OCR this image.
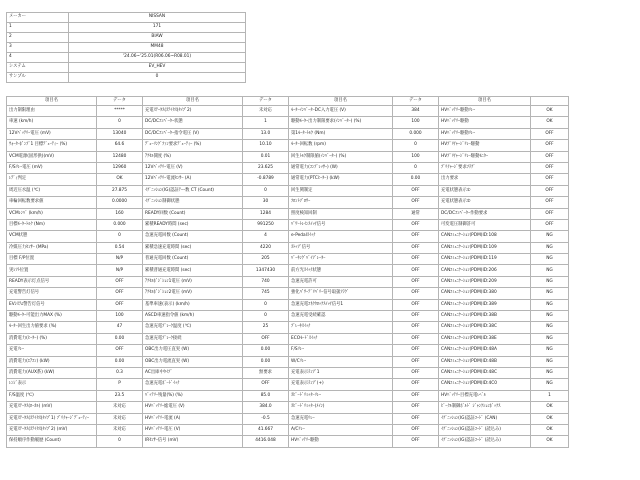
メーカー	NISSAN
1	171
2	BIAW
3	MM48
4	'24.06~'25.01(R06.06~R08.01)
システム	EV_HEV
サンプル	0
項目名	データ	項目名	データ	項目名	データ	項目名	
出力制限理由	*****	充電ｽﾃｰﾀｽ(ｽﾃｲﾀｽ(ﾀｲﾌﾟ2)	未対応	ﾓｰﾀｰｲﾝﾊﾞｰﾀｰDC入力電圧 (V)	384	HVﾊﾞｯﾃﾘｰ駆動ﾘﾚｰ	OK
車速 (km/h)	0	DC/DCｺﾝﾊﾞｰﾀｰ状態	1	駆動ﾓｰﾀｰ出力制限要求(ｲﾝﾊﾞｰﾀｰ) (%)	100	HVﾊﾞｯﾃﾘｰ駆動	OK
12Vﾊﾞｯﾃﾘｰ電圧 (mV)	13040	DC/DCｺﾝﾊﾞｰﾀｰ指令電圧 (V)	13.0	第1ﾓｰﾀｰﾄﾙｸ (Nm)	0.000	HVﾊﾞｯﾃﾘｰ駆動ﾘﾚｰ	OFF
ｳｫｰﾀｰﾎﾟﾝﾌﾟ1 目標ﾃﾞｭｰﾃｨｰ (%)	64.6	ﾃﾞｭｰﾘﾝｸﾞﾌｧﾝ要求ﾃﾞｭｰﾃｨｰ (%)	10.10	ﾓｰﾀｰ回転数 (rpm)	0	HVﾌﾟﾘﾁｬｰｼﾞﾘﾚｰ駆動	OFF
VCM電源(固形供)(mV)	12480	ｱｸｾﾙ開度 (%)	0.01	回生ﾄﾙｸ制限値(ｲﾝﾊﾞｰﾀｰ) (%)	100	HVﾌﾟﾘﾁｬｰｼﾞﾘﾚｰ駆動ﾓﾆﾀｰ	OFF
F/Sﾘﾚｰ電圧 (mV)	12960	12Vﾊﾞｯﾃﾘｰ電圧 (V)	23.625	通常電力(ｺﾝﾌﾟﾚｯｻｰ) (W)	0	ﾌﾟﾘﾁｬｰｼﾞ要求ﾌﾗｸﾞ	OFF
ﾚﾃﾞｨ判定	OK	12Vﾊﾞｯﾃﾘｰ電流ｾﾝｻｰ (A)	-0.8789	通常電力(PTCﾋｰﾀｰ) (kW)	0.00	出力要求	OFF
周辺圧水温 (℃)	27.875	ｲｸﾞﾆｯｼｮﾝ(IG)認証ﾃｰｰ数 CT (Count)	0	回生関制定	OFF	充電状態表示①	OFF
車輪回転数要求値	0.0000	ｲｸﾞﾆｯｼｮﾝ制御状態	30	ﾌﾛﾝﾄﾌﾞﾛﾜｰ	OFF	充電状態表示②	OFF
VCMﾚﾝﾊﾞ (km/h)	160	READY回数 (Count)	1284	照度検知回制	通常	DC/DCｺﾝﾊﾞｰﾀｰ作動要求	OFF
目標ﾓｰﾀｰﾄﾙｸ (Nm)	0.000	累積READY時間 (sec)	991250	ﾊﾟﾜｰﾄﾚｲﾝｽｲｯﾁ信号	OFF	可変電圧制御許可	OFF
VCM状態	0	急速充電回数 (Count)	4	e-Pedalｽｲｯﾁ	OFF	CANｺﾐｭﾆｹｰｼｮﾝ(PDM)ID:108	NG
冷媒圧力ｾﾝｻｰ (MPa)	0.54	累積急速充電時間 (sec)	4220	ｽﾄｯﾌﾟ信号	OFF	CANｺﾐｭﾆｹｰｼｮﾝ(PDM)ID:109	NG
目標 F/P位置	N/P	普通充電回数 (Count)	205	ﾊﾟｰｷﾝｸﾞﾊﾞｲﾌﾞﾚｰﾀｰ	OFF	CANｺﾐｭﾆｹｰｼｮﾝ(PDM)ID:119	NG
実ｼﾌﾄ位置	N/P	累積普通充電時間 (sec)	1347430	前方光ｽｲｯﾁ状態	OFF	CANｺﾐｭﾆｹｰｼｮﾝ(PDM)ID:206	NG
READY表示灯点信号	OFF	ｱｸｾﾙﾎﾟｼﾞｼｮﾝ1電圧 (mV)	740	急速充電許可	OFF	CANｺﾐｭﾆｹｰｼｮﾝ(PDM)ID:209	NG
充電警告灯信号	OFF	ｱｸｾﾙﾎﾟｼﾞｼｮﾝ2電圧 (mV)	745	強化ﾊﾟﾜｰﾃﾞﾘﾊﾞﾘｰ信号取扱ﾌﾗｸﾞ	OFF	CANｺﾐｭﾆｹｰｼｮﾝ(PDM)ID:380	NG
EVｼｽﾃﾑ警告灯信号	OFF	基準車速(表示) (km/h)	0	急速充電ｺﾈｸﾀﾛｯｸｽｲｯﾁ信号1	OFF	CANｺﾐｭﾆｹｰｼｮﾝ(PDM)ID:389	NG
駆動ﾓｰﾀｰ可能出力MAX (%)	100	ASCD車速指令値 (km/h)	0	急速充電受続確認	OFF	CANｺﾐｭﾆｹｰｼｮﾝ(PDM)ID:38B	NG
ﾓｰﾀｰ回生出力値要求 (%)	47	急速充電ﾌﾟﾚｰｸ温度 (℃)	25	ﾌﾟﾚｰｷｽｲｯﾁ	OFF	CANｺﾐｭﾆｹｰｼｮﾝ(PDM)ID:38C	NG
消費電力(ﾋｰﾀｰ) (%)	0.00	急速充電ﾌﾟﾚｰｸ接続	OFF	ECOﾓｰﾄﾞｽｲｯﾁ	OFF	CANｺﾐｭﾆｹｰｼｮﾝ(PDM)ID:38E	NG
充電ﾘﾚｰ	OFF	OBC出力電圧直実 (W)	0.00	F/Sﾘﾚｰ	OFF	CANｺﾐｭﾆｹｰｼｮﾝ(PDM)ID:48A	NG
消費電力(ｴｱｺﾝ) (kW)	0.00	OBC出力電流直実 (W)	0.00	W/Cﾘﾚｰ	OFF	CANｺﾐｭﾆｹｰｼｮﾝ(PDM)ID:48B	NG
消費電力(AUX系) (kW)	0.3	AC出庫中ﾀｲﾌﾟ	無要求	充電表示ﾗﾝﾌﾟ1	OFF	CANｺﾐｭﾆｹｰｼｮﾝ(PDM)ID:48C	NG
ﾚﾝｼﾞ表示	P	急速充電ﾎﾞｰﾄﾞｲｯﾁ	OFF	充電表示ﾗﾝﾌﾟ(+)	OFF	CANｺﾐｭﾆｹｰｼｮﾝ(PDM)ID:4C0	NG
F/S温度 (℃)	23.5	ﾊﾞｯﾃﾘｰ残量(%) (%)	85.0	ｽﾋﾟｰﾄﾞﾘﾐｯﾀｰﾘﾚｰ	OFF	HVﾊﾞｯﾃﾘｰ目標充電ﾚﾍﾞﾙ	1
充電ｽﾃｰﾀｽ(ﾛｰｶﾙ) (mV)	未対応	HVﾊﾞｯﾃﾘｰ総電圧 (V)	384.0	ｽﾋﾟｰﾄﾞﾘﾐｯﾀｰ(ﾒｲﾝ)	OFF	ﾋﾞｰｸﾙ制御ﾎﾞﾙﾄﾞ ｼﾞｬﾝｸｼｮﾝﾎﾞｯｸｽ	OK
充電ｽﾃｰﾀｽ(ｽﾃｲﾀｽ(ﾀｲﾌﾟ1) ﾌﾟﾘﾁｬｰｼﾞﾃﾞｭｰﾃｨｰ	未対応	HVﾊﾞｯﾃﾘｰ電流 (A)	-0.5	急速充電ﾘﾚｰ	OFF	ｲｸﾞﾆｯｼｮﾝ(IG)認証ｺｰﾄﾞ (CAN)	OK
充電ｽﾃｰﾀｽ(ｽﾃｲﾀｽ(ﾀｲﾌﾟ2) (mV)	未対応	HVﾊﾞｯﾃﾘｰ電圧 (V)	41.667	A/Cﾘﾚｰ	OFF	ｲｸﾞﾆｯｼｮﾝ(IG)認証ｺｰﾄﾞ (読込み)	OK
保持順序作動履歴 (Count)	0	IRｾﾝｻｰ信号 (mV)	4416.048	HVﾊﾞｯﾃﾘｰ駆動	OFF	ｲｸﾞﾆｯｼｮﾝ(IG)認証ｺｰﾄﾞ (読込み)	OK
